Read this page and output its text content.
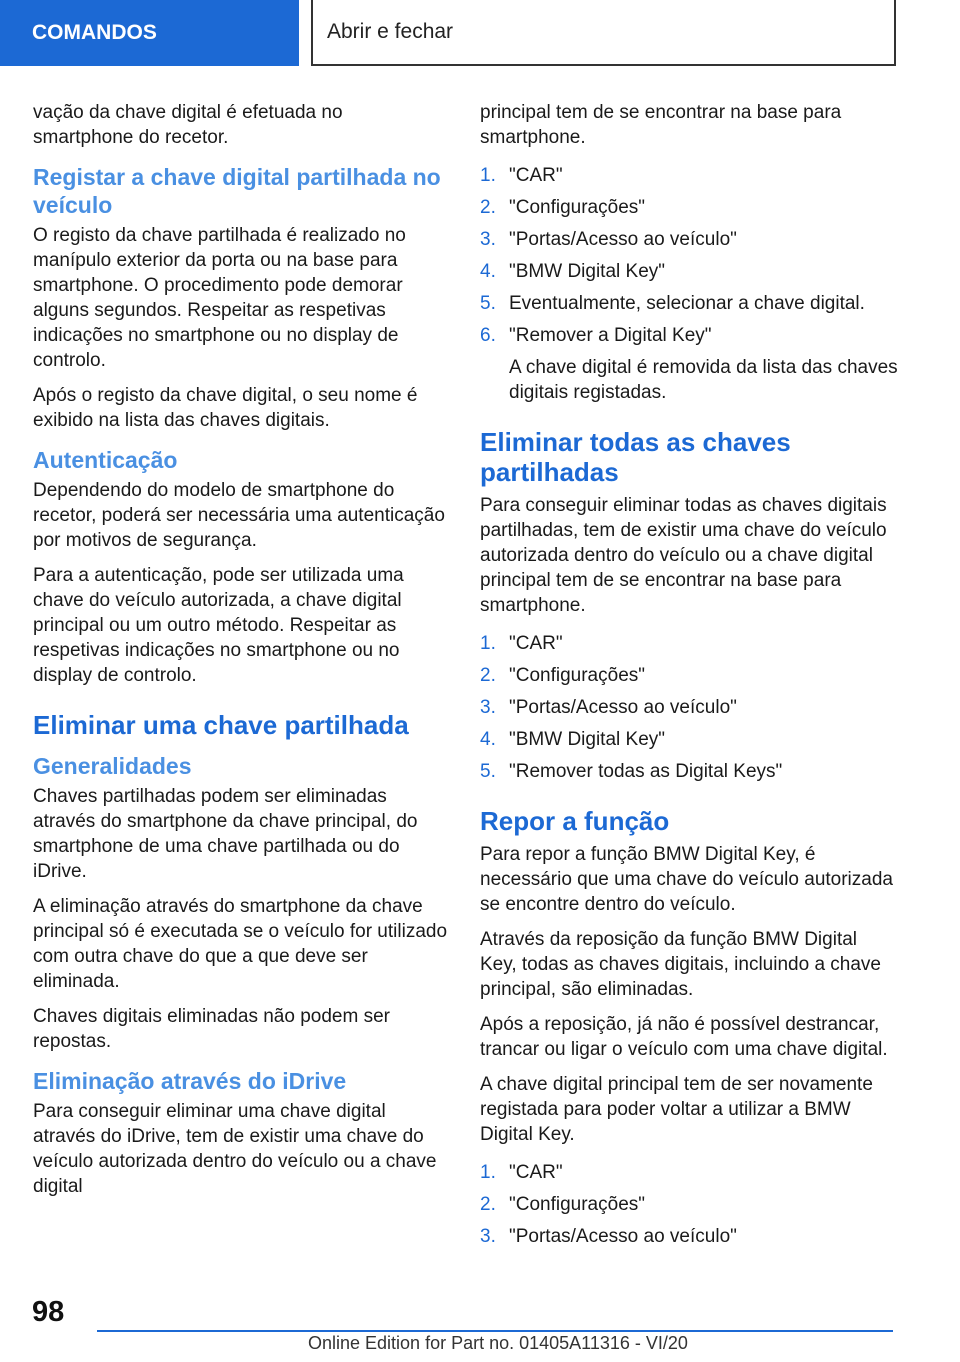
COMANDOS	Abrir e fechar

vação da chave digital é efetuada no smartphone do recetor.

Registar a chave digital partilhada no veículo

O registo da chave partilhada é realizado no manípulo exterior da porta ou na base para smartphone. O procedimento pode demorar alguns segundos. Respeitar as respetivas indicações no smartphone ou no display de controlo.

Após o registo da chave digital, o seu nome é exibido na lista das chaves digitais.

Autenticação

Dependendo do modelo de smartphone do recetor, poderá ser necessária uma autenticação por motivos de segurança.

Para a autenticação, pode ser utilizada uma chave do veículo autorizada, a chave digital principal ou um outro método. Respeitar as respetivas indicações no smartphone ou no display de controlo.

Eliminar uma chave partilhada
Generalidades

Chaves partilhadas podem ser eliminadas através do smartphone da chave principal, do smartphone de uma chave partilhada ou do iDrive.

A eliminação através do smartphone da chave principal só é executada se o veículo for utilizado com outra chave do que a que deve ser eliminada.

Chaves digitais eliminadas não podem ser repostas.

Eliminação através do iDrive

Para conseguir eliminar uma chave digital através do iDrive, tem de existir uma chave do veículo autorizada dentro do veículo ou a chave digital

principal tem de se encontrar na base para smartphone.

1. "CAR"
2. "Configurações"
3. "Portas/Acesso ao veículo"
4. "BMW Digital Key"
5. Eventualmente, selecionar a chave digital.
6. "Remover a Digital Key"
A chave digital é removida da lista das chaves digitais registadas.
Eliminar todas as chaves partilhadas

Para conseguir eliminar todas as chaves digitais partilhadas, tem de existir uma chave do veículo autorizada dentro do veículo ou a chave digital principal tem de se encontrar na base para smartphone.

1. "CAR"
2. "Configurações"
3. "Portas/Acesso ao veículo"
4. "BMW Digital Key"
5. "Remover todas as Digital Keys"
Repor a função

Para repor a função BMW Digital Key, é necessário que uma chave do veículo autorizada se encontre dentro do veículo.

Através da reposição da função BMW Digital Key, todas as chaves digitais, incluindo a chave principal, são eliminadas.

Após a reposição, já não é possível destrancar, trancar ou ligar o veículo com uma chave digital.

A chave digital principal tem de ser novamente registada para poder voltar a utilizar a BMW Digital Key.

1. "CAR"
2. "Configurações"
3. "Portas/Acesso ao veículo"
98
Online Edition for Part no. 01405A11316 - VI/20
